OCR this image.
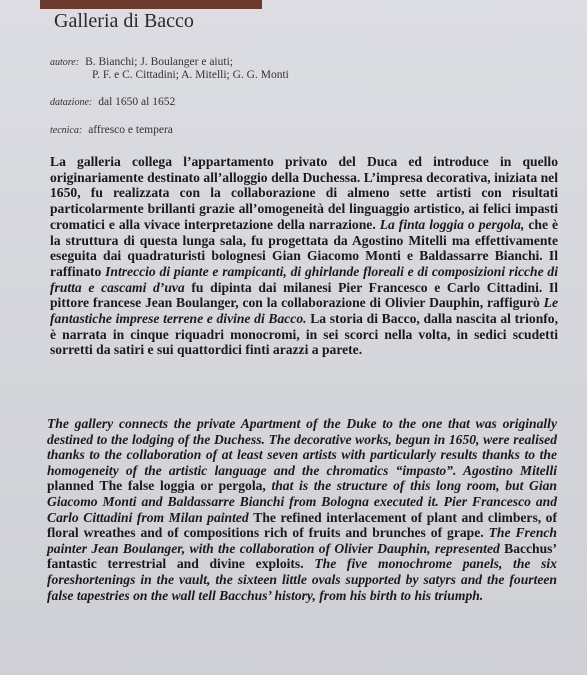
Galleria di Bacco
autore: B. Bianchi; J. Boulanger e aiuti;
P. F. e C. Cittadini; A. Mitelli; G. G. Monti
datazione: dal 1650 al 1652
tecnica: affresco e tempera
La galleria collega l’appartamento privato del Duca ed introduce in quello originariamente destinato all’alloggio della Duchessa. L’impresa decorativa, iniziata nel 1650, fu realizzata con la collaborazione di almeno sette artisti con risultati particolarmente brillanti grazie all’omogeneità del linguaggio artistico, ai felici impasti cromatici e alla vivace interpretazione della narrazione. La finta loggia o pergola, che è la struttura di questa lunga sala, fu progettata da Agostino Mitelli ma effettivamente eseguita dai quadraturisti bolognesi Gian Giacomo Monti e Baldassarre Bianchi. Il raffinato Intreccio di piante e rampicanti, di ghirlande floreali e di composizioni ricche di frutta e cascami d’uva fu dipinta dai milanesi Pier Francesco e Carlo Cittadini. Il pittore francese Jean Boulanger, con la collaborazione di Olivier Dauphin, raffigurò Le fantastiche imprese terrene e divine di Bacco. La storia di Bacco, dalla nascita al trionfo, è narrata in cinque riquadri monocromi, in sei scorci nella volta, in sedici scudetti sorretti da satiri e sui quattordici finti arazzi a parete.
The gallery connects the private Apartment of the Duke to the one that was originally destined to the lodging of the Duchess. The decorative works, begun in 1650, were realised thanks to the collaboration of at least seven artists with particularly results thanks to the homogeneity of the artistic language and the chromatics “impasto”. Agostino Mitelli planned The false loggia or pergola, that is the structure of this long room, but Gian Giacomo Monti and Baldassarre Bianchi from Bologna executed it. Pier Francesco and Carlo Cittadini from Milan painted The refined interlacement of plant and climbers, of floral wreathes and of compositions rich of fruits and brunches of grape. The French painter Jean Boulanger, with the collaboration of Olivier Dauphin, represented Bacchus’ fantastic terrestrial and divine exploits. The five monochrome panels, the six foreshortenings in the vault, the sixteen little ovals supported by satyrs and the fourteen false tapestries on the wall tell Bacchus’ history, from his birth to his triumph.
